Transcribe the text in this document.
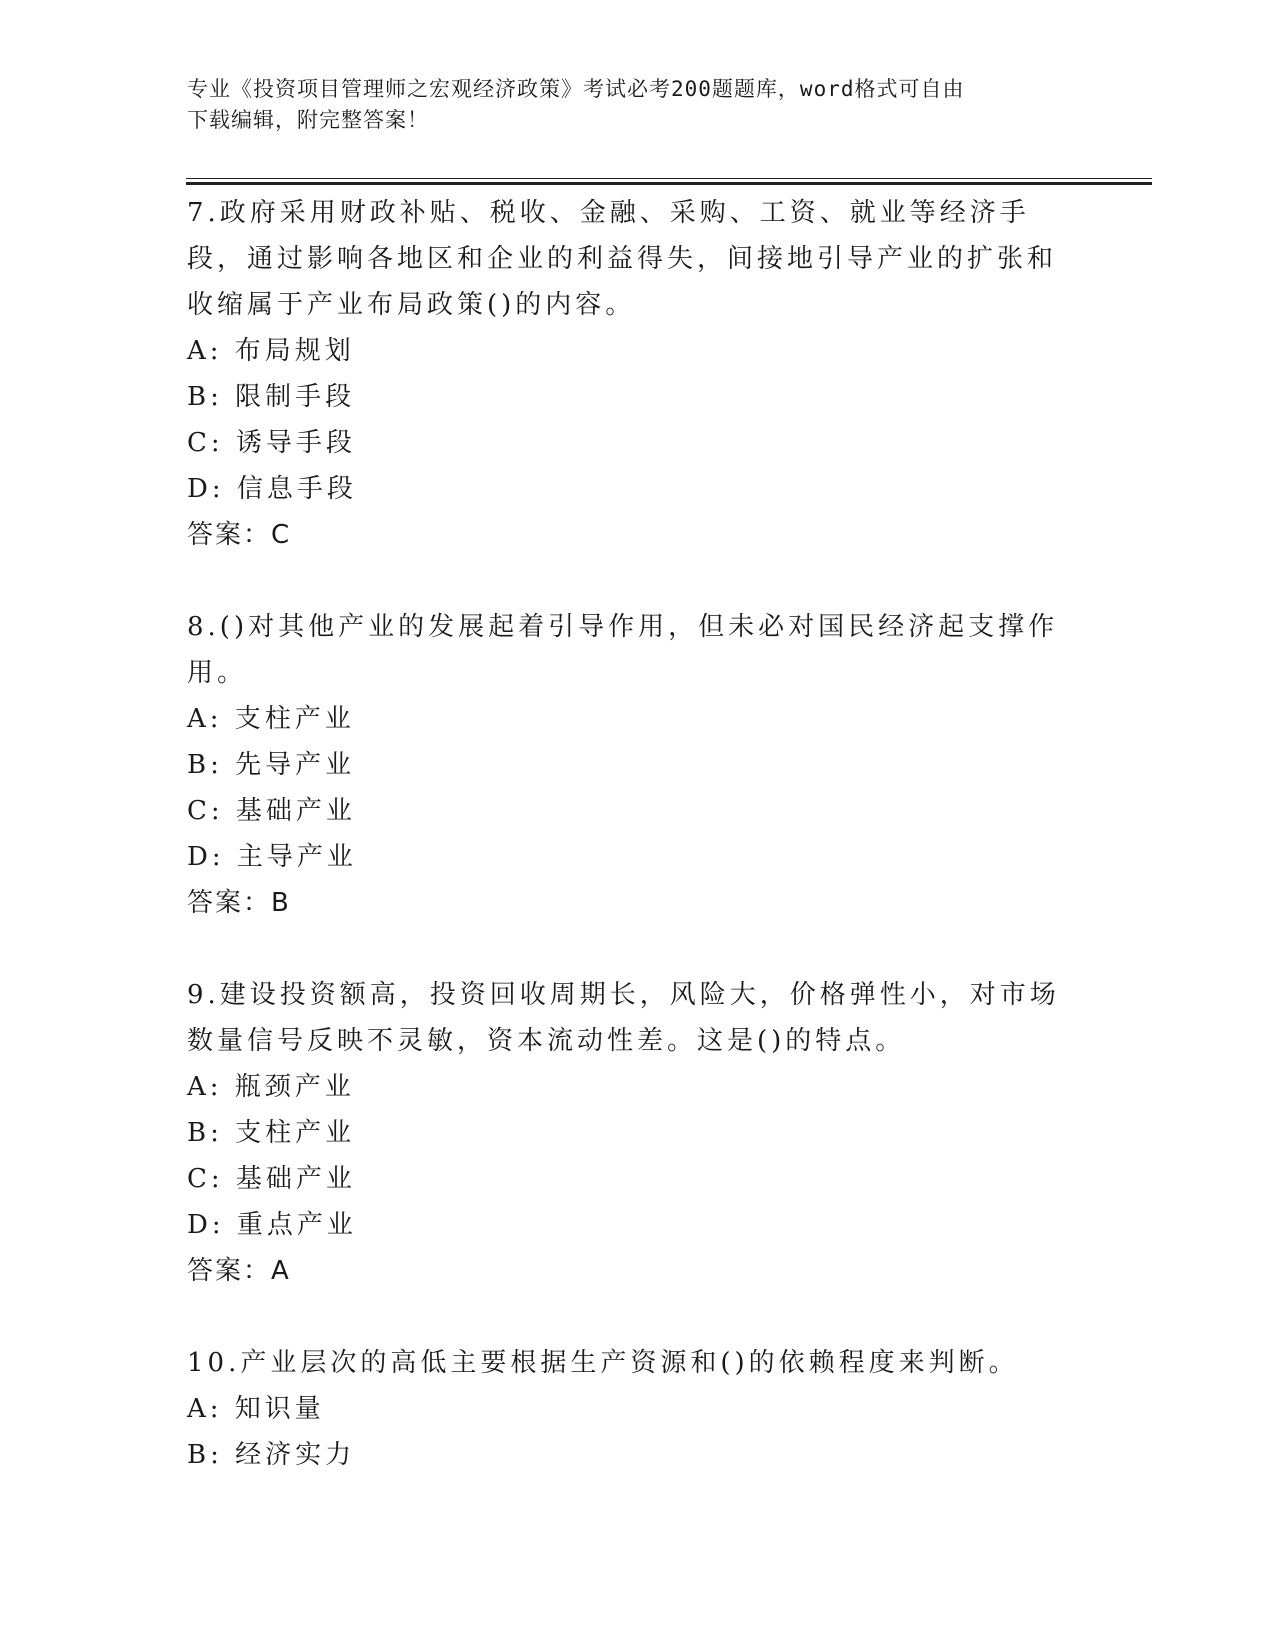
专业《投资项目管理师之宏观经济政策》考试必考200题题库，word格式可自由
下载编辑，附完整答案！

7.政府采用财政补贴、税收、金融、采购、工资、就业等经济手段，通过影响各地区和企业的利益得失，间接地引导产业的扩张和收缩属于产业布局政策()的内容。

A: 布局规划

B: 限制手段

C: 诱导手段

D: 信息手段

答案：C

8.()对其他产业的发展起着引导作用，但未必对国民经济起支撑作用。

A: 支柱产业

B: 先导产业

C: 基础产业

D: 主导产业

答案：B

9.建设投资额高，投资回收周期长，风险大，价格弹性小，对市场数量信号反映不灵敏，资本流动性差。这是()的特点。

A: 瓶颈产业

B: 支柱产业

C: 基础产业

D: 重点产业

答案：A

10.产业层次的高低主要根据生产资源和()的依赖程度来判断。

A: 知识量

B: 经济实力
